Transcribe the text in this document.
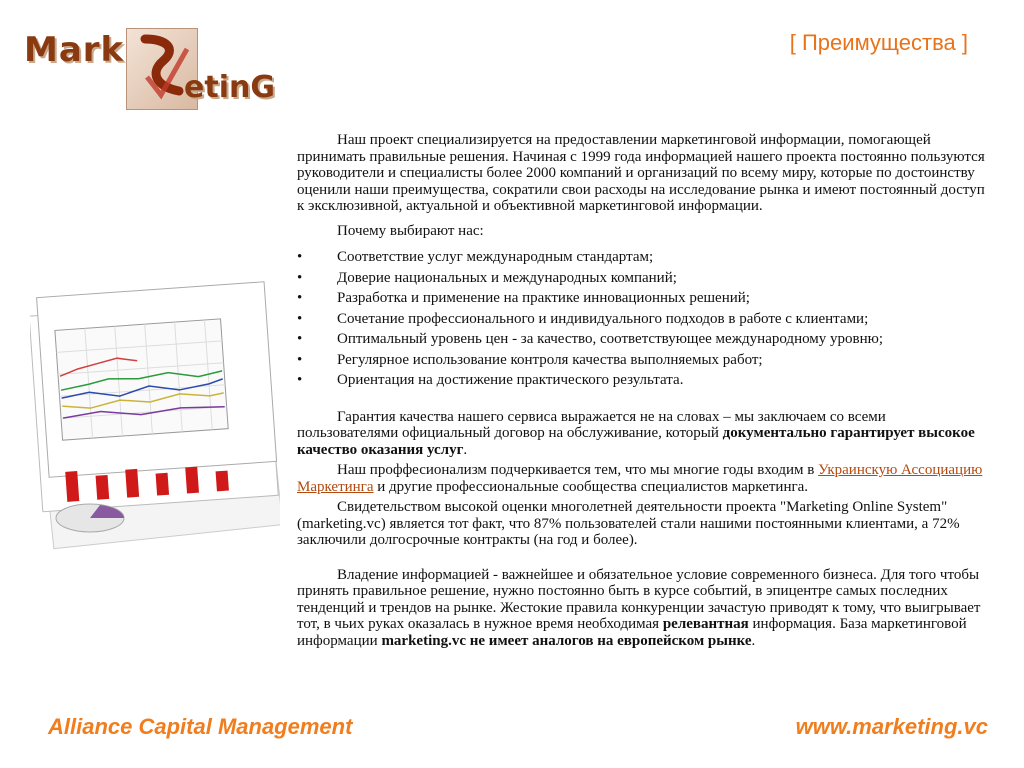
Mark
etinG
[ Преимущества ]

Наш проект специализируется на предоставлении маркетинговой информации, помогающей принимать правильные решения. Начиная с 1999 года информацией нашего проекта постоянно пользуются руководители и специалисты более 2000 компаний и организаций по всему миру, которые по достоинству оценили наши преимущества, сократили свои расходы на исследование рынка и имеют постоянный доступ к эксклюзивной, актуальной и объективной маркетинговой информации.

Почему выбирают нас:

• Соответствие услуг международным стандартам;
• Доверие национальных и международных компаний;
• Разработка и применение на практике инновационных решений;
• Сочетание профессионального и индивидуального подходов в работе с клиентами;
• Оптимальный уровень цен - за качество, соответствующее международному уровню;
• Регулярное использование контроля качества выполняемых работ;
• Ориентация на достижение практического результата.

Гарантия качества нашего сервиса выражается не на словах – мы заключаем со всеми пользователями официальный договор на обслуживание, который документально гарантирует высокое качество оказания услуг.

Наш проффесионализм подчеркивается тем, что мы многие годы входим в Украинскую Ассоциацию Маркетинга и другие профессиональные сообщества специалистов маркетинга.

Свидетельством высокой оценки многолетней деятельности проекта "Marketing Online System" (marketing.vc) является тот факт, что 87% пользователей стали нашими постоянными клиентами, а 72% заключили долгосрочные контракты (на год и более).

Владение информацией - важнейшее и обязательное условие современного бизнеса. Для того чтобы принять правильное решение, нужно постоянно быть в курсе событий, в эпицентре самых последних тенденций и трендов на рынке. Жестокие правила конкуренции зачастую приводят к тому, что выигрывает тот, в чьих руках оказалась в нужное время необходимая релевантная информация. База маркетинговой информации marketing.vc не имеет аналогов на европейском рынке.

Alliance Capital Management	www.marketing.vc
